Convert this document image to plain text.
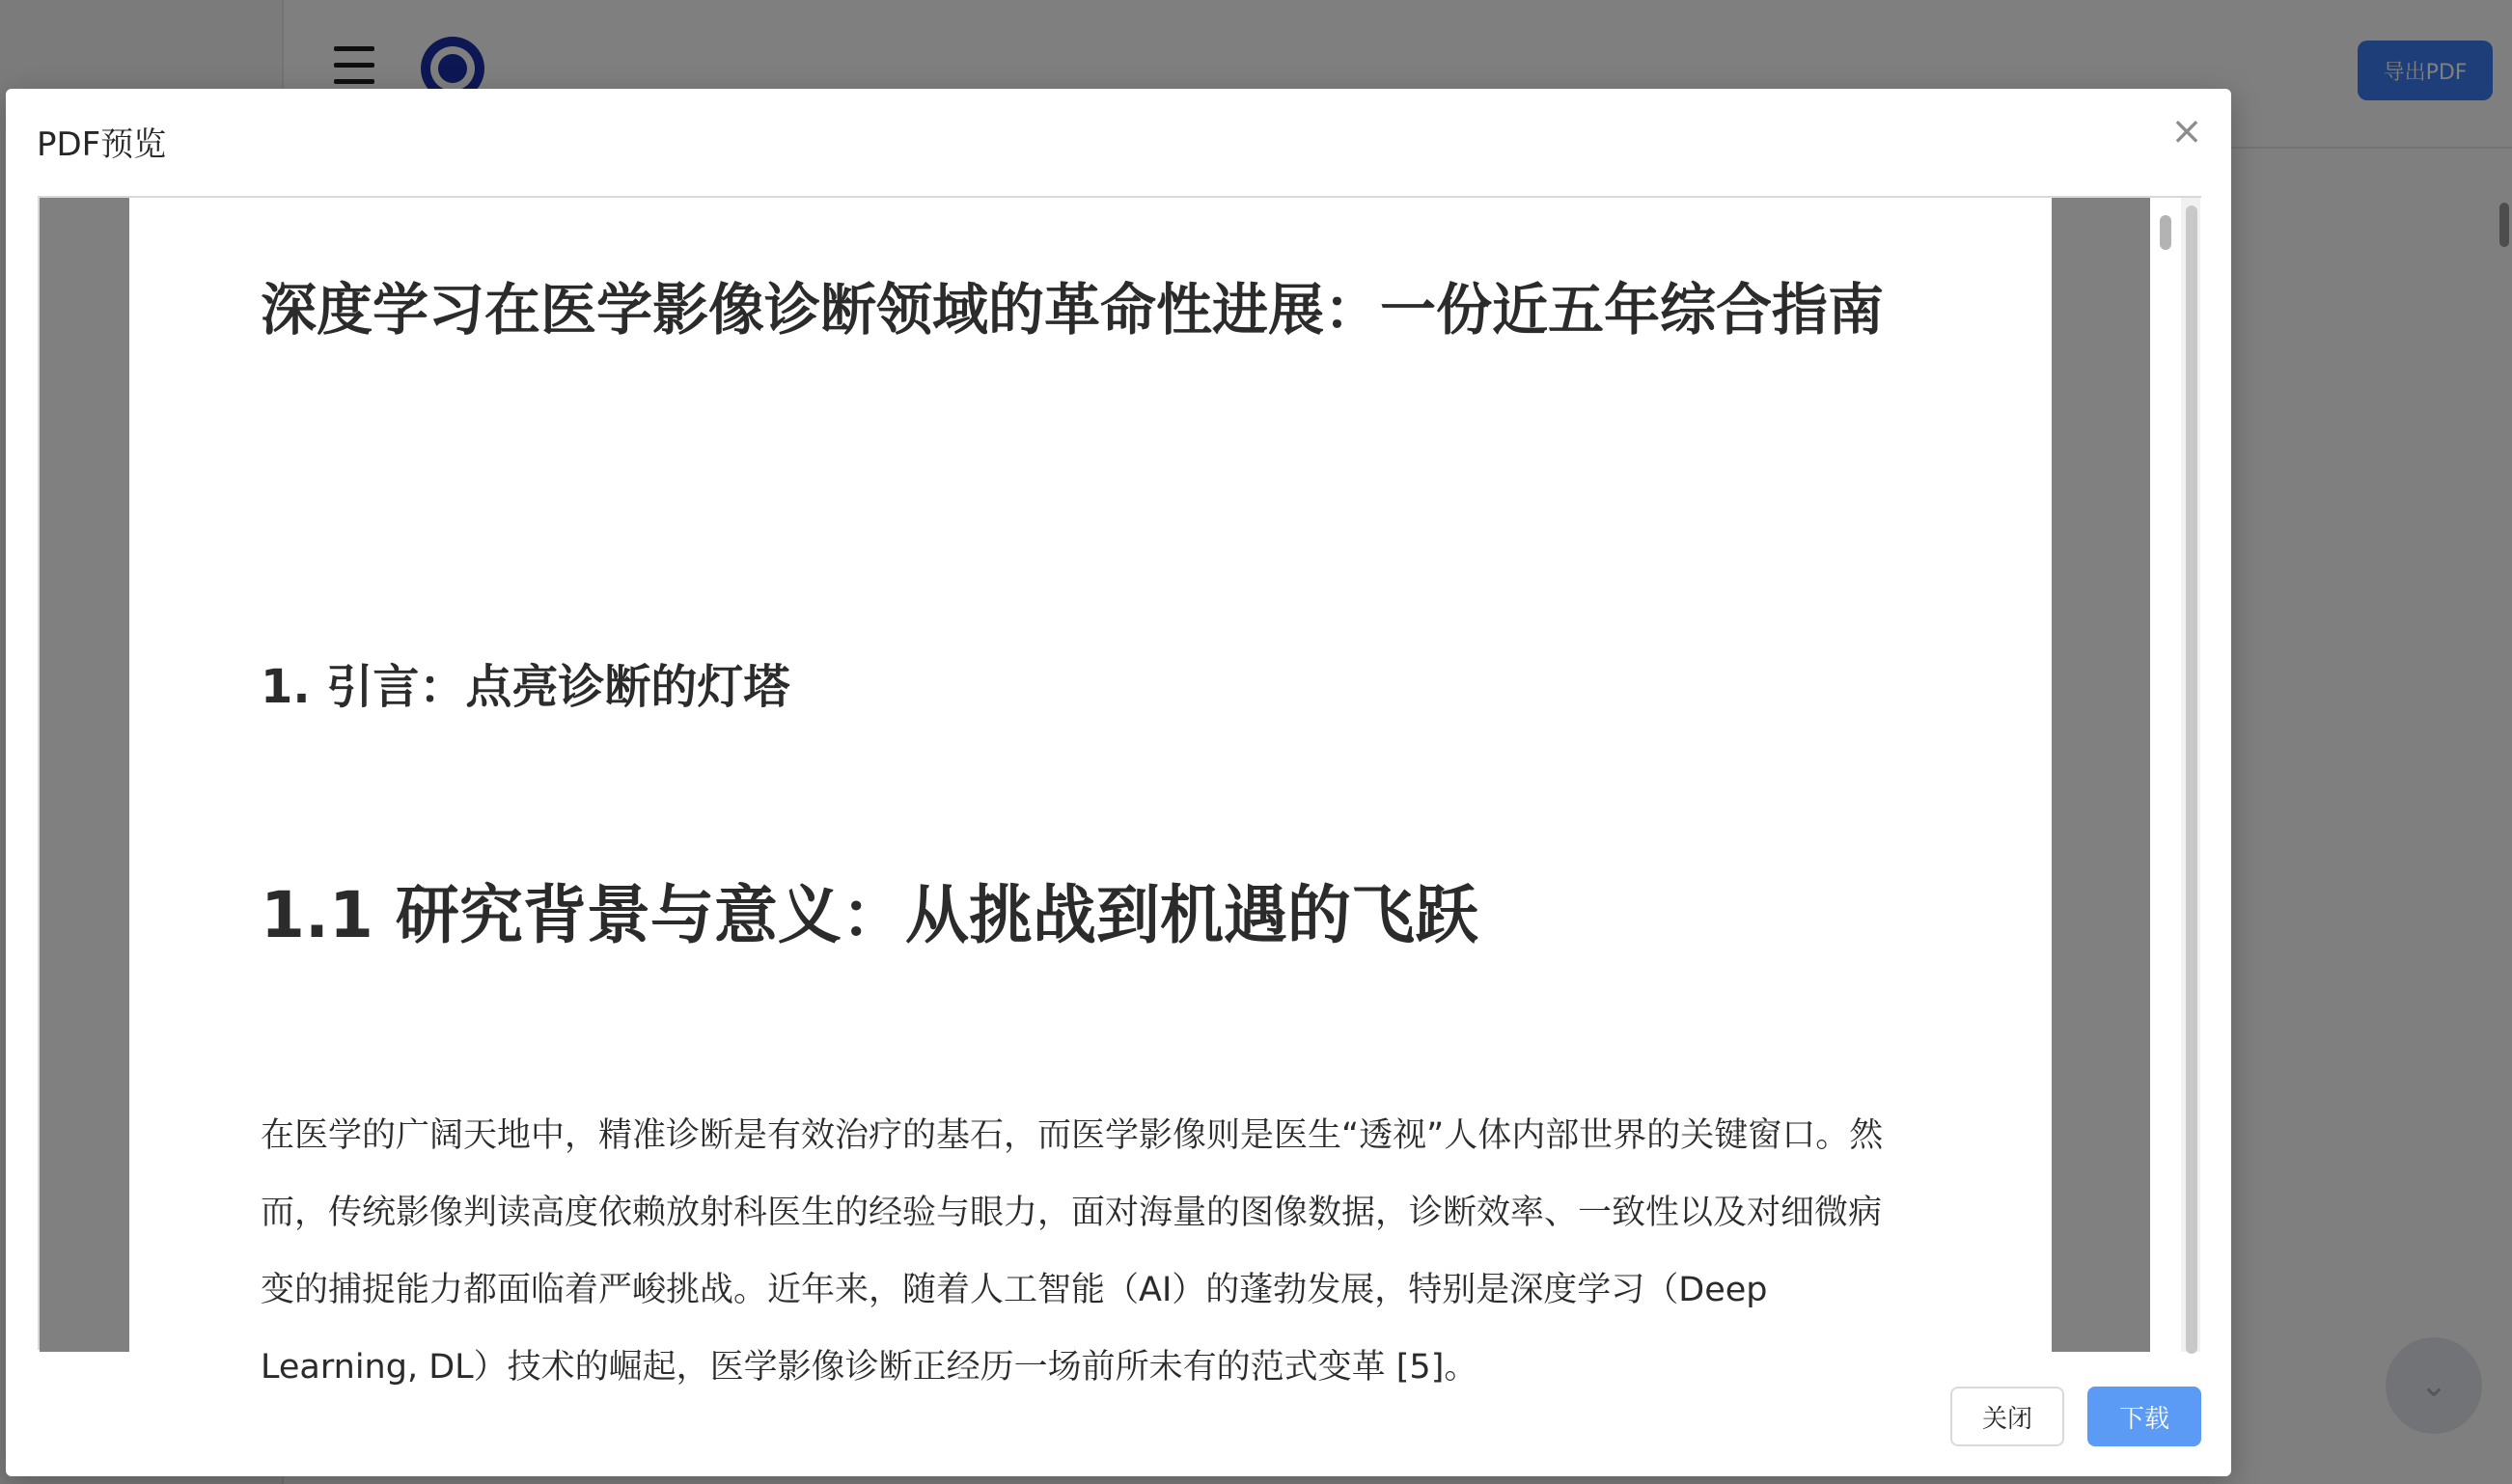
PDF预览	×
深度学习在医学影像诊断领域的革命性进展：一份近五年综合指南
1. 引言：点亮诊断的灯塔
1.1 研究背景与意义：从挑战到机遇的飞跃

在医学的广阔天地中，精准诊断是有效治疗的基石，而医学影像则是医生“透视”人体内部世界的关键窗口。然而，传统影像判读高度依赖放射科医生的经验与眼力，面对海量的图像数据，诊断效率、一致性以及对细微病变的捕捉能力都面临着严峻挑战。近年来，随着人工智能（AI）的蓬勃发展，特别是深度学习（Deep Learning, DL）技术的崛起，医学影像诊断正经历一场前所未有的范式变革 [5]。

关闭	下载
